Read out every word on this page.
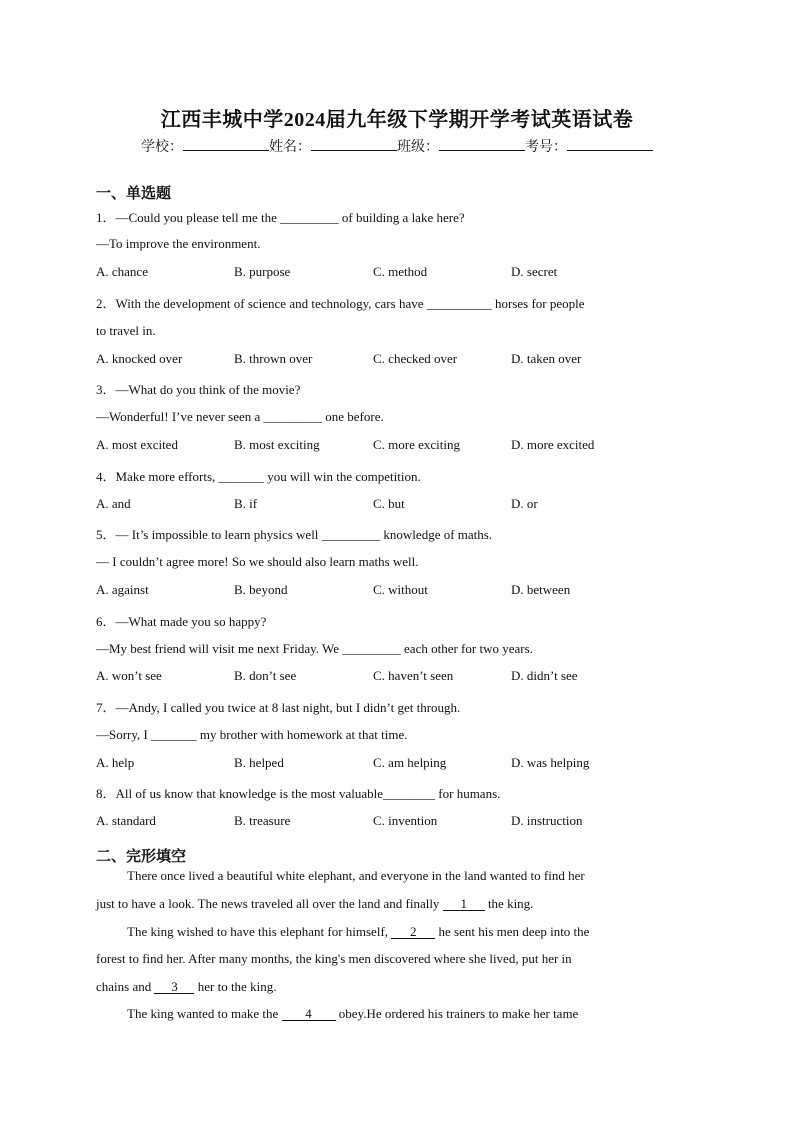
江西丰城中学2024届九年级下学期开学考试英语试卷
学校：	姓名：	班级：	考号：
一、单选题
1．—Could you please tell me the _________ of building a lake here?
—To improve the environment.
A. chance	B. purpose	C. method	D. secret
2．With the development of science and technology, cars have __________ horses for people
to travel in.
A. knocked over	B. thrown over	C. checked over	D. taken over
3．—What do you think of the movie?
—Wonderful! I’ve never seen a _________ one before.
A. most excited	B. most exciting	C. more exciting	D. more excited
4．Make more efforts, _______ you will win the competition.
A. and	B. if	C. but	D. or
5．— It’s impossible to learn physics well _________ knowledge of maths.
— I couldn’t agree more! So we should also learn maths well.
A. against	B. beyond	C. without	D. between
6．—What made you so happy?
—My best friend will visit me next Friday. We _________ each other for two years.
A. won’t see	B. don’t see	C. haven’t seen	D. didn’t see
7．—Andy, I called you twice at 8 last night, but I didn’t get through.
—Sorry, I _______ my brother with homework at that time.
A. help	B. helped	C. am helping	D. was helping
8．All of us know that knowledge is the most valuable________ for humans.
A. standard	B. treasure	C. invention	D. instruction
二、完形填空
There once lived a beautiful white elephant, and everyone in the land wanted to find her
just to have a look. The news traveled all over the land and finally 1 the king.
The king wished to have this elephant for himself, 2 he sent his men deep into the
forest to find her. After many months, the king's men discovered where she lived, put her in
chains and 3 her to the king.
The king wanted to make the 4 obey.He ordered his trainers to make her tame
